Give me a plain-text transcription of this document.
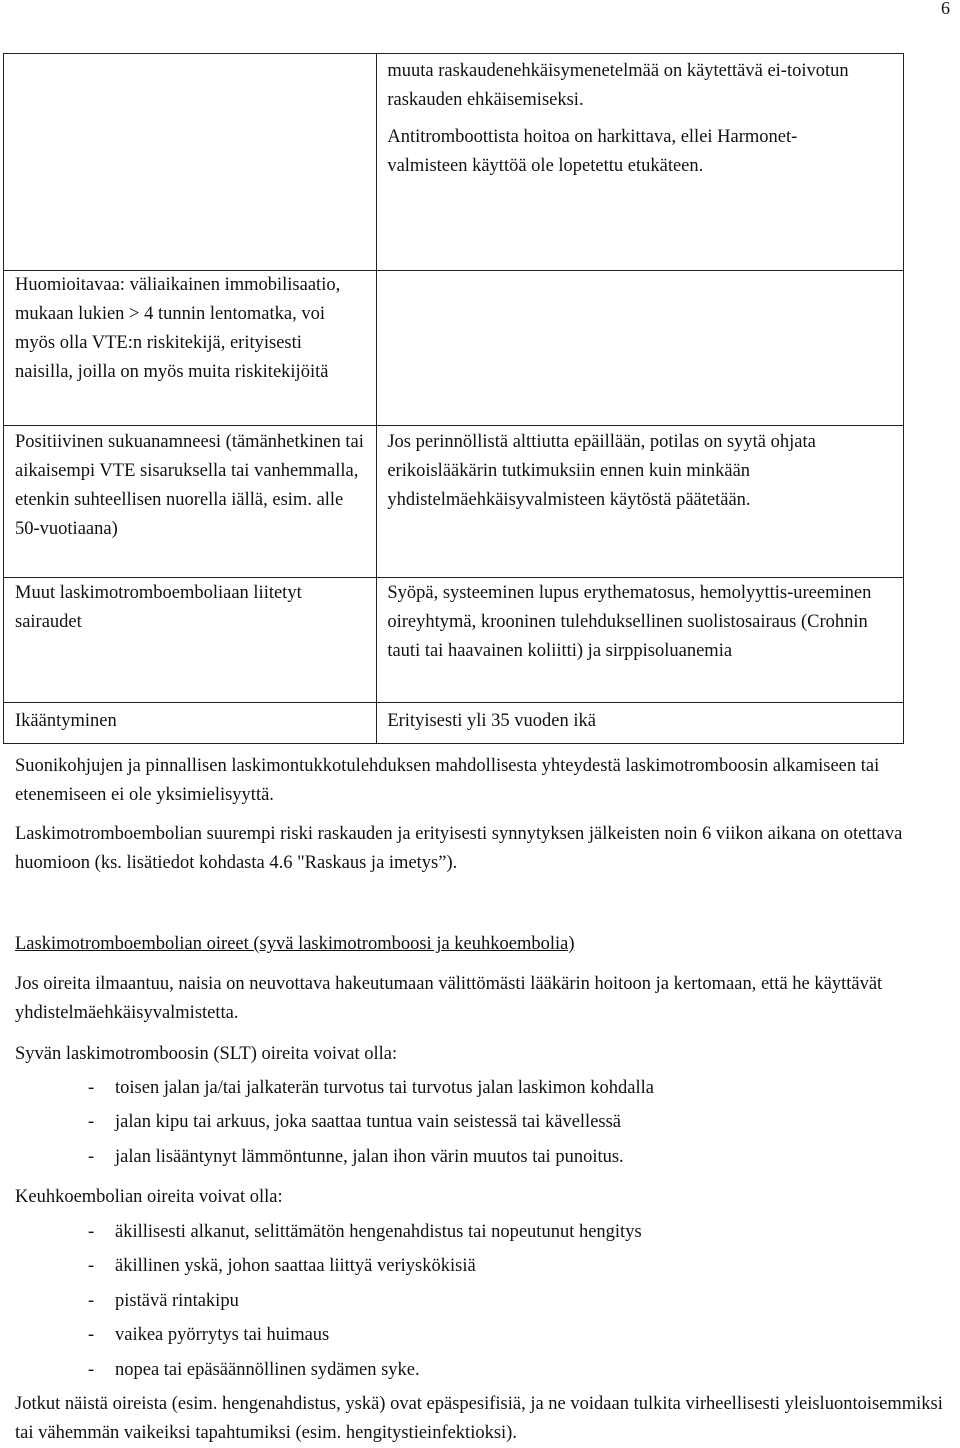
6

	muuta raskaudenehkäisymenetelmää on käytettävä ei-toivotun raskauden ehkäisemiseksi.
Antitromboottista hoitoa on harkittava, ellei Harmonet-valmisteen käyttöä ole lopetettu etukäteen.

Huomioitavaa: väliaikainen immobilisaatio, mukaan lukien > 4 tunnin lentomatka, voi myös olla VTE:n riskitekijä, erityisesti naisilla, joilla on myös muita riskitekijöitä	

Positiivinen sukuanamneesi (tämänhetkinen tai aikaisempi VTE sisaruksella tai vanhemmalla, etenkin suhteellisen nuorella iällä, esim. alle 50-vuotiaana)	Jos perinnöllistä alttiutta epäillään, potilas on syytä ohjata erikoislääkärin tutkimuksiin ennen kuin minkään yhdistelmäehkäisyvalmisteen käytöstä päätetään.

Muut laskimotromboemboliaan liitetyt sairaudet	Syöpä, systeeminen lupus erythematosus, hemolyyttis-ureeminen oireyhtymä, krooninen tulehduksellinen suolistosairaus (Crohnin tauti tai haavainen koliitti) ja sirppisoluanemia

Ikääntyminen	Erityisesti yli 35 vuoden ikä

Suonikohjujen ja pinnallisen laskimontukkotulehduksen mahdollisesta yhteydestä laskimotromboosin alkamiseen tai etenemiseen ei ole yksimielisyyttä.

Laskimotromboembolian suurempi riski raskauden ja erityisesti synnytyksen jälkeisten noin 6 viikon aikana on otettava huomioon (ks. lisätiedot kohdasta 4.6 "Raskaus ja imetys”).

Laskimotromboembolian oireet (syvä laskimotromboosi ja keuhkoembolia)

Jos oireita ilmaantuu, naisia on neuvottava hakeutumaan välittömästi lääkärin hoitoon ja kertomaan, että he käyttävät yhdistelmäehkäisyvalmistetta.

Syvän laskimotromboosin (SLT) oireita voivat olla:

- toisen jalan ja/tai jalkaterän turvotus tai turvotus jalan laskimon kohdalla
- jalan kipu tai arkuus, joka saattaa tuntua vain seistessä tai kävellessä
- jalan lisääntynyt lämmöntunne, jalan ihon värin muutos tai punoitus.

Keuhkoembolian oireita voivat olla:

- äkillisesti alkanut, selittämätön hengenahdistus tai nopeutunut hengitys
- äkillinen yskä, johon saattaa liittyä veriyskökisiä
- pistävä rintakipu
- vaikea pyörrytys tai huimaus
- nopea tai epäsäännöllinen sydämen syke.

Jotkut näistä oireista (esim. hengenahdistus, yskä) ovat epäspesifisiä, ja ne voidaan tulkita virheellisesti yleisluontoisemmiksi tai vähemmän vaikeiksi tapahtumiksi (esim. hengitystieinfektioksi).
